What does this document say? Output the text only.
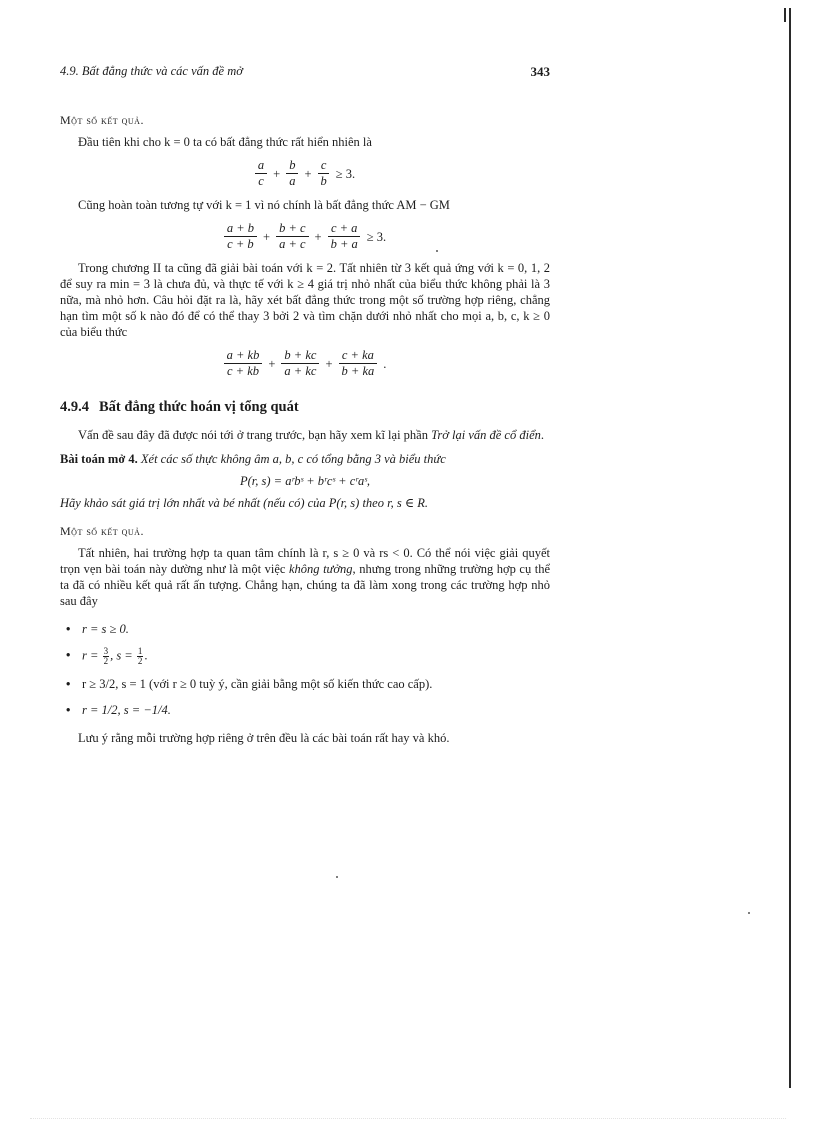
4.9. Bất đẳng thức và các vấn đề mở	343
Một số kết quả.

Đầu tiên khi cho k = 0 ta có bất đẳng thức rất hiển nhiên là

$\frac{a}{c} + \frac{b}{a} + \frac{c}{b} \ge 3$.

Cũng hoàn toàn tương tự với k = 1 vì nó chính là bất đẳng thức AM − GM

$\frac{a + b}{c + b} + \frac{b + c}{a + c} + \frac{c + a}{b + a} \ge 3$.

Trong chương II ta cũng đã giải bài toán với k = 2. Tất nhiên từ 3 kết quả ứng với k = 0, 1, 2 để suy ra min = 3 là chưa đủ, và thực tế với k ≥ 4 giá trị nhỏ nhất của biểu thức không phải là 3 nữa, mà nhỏ hơn. Câu hỏi đặt ra là, hãy xét bất đẳng thức trong một số trường hợp riêng, chẳng hạn tìm một số k nào đó để có thể thay 3 bởi 2 và tìm chặn dưới nhỏ nhất cho mọi a, b, c, k ≥ 0 của biểu thức

$\frac{a + kb}{c + kb} + \frac{b + kc}{a + kc} + \frac{c + ka}{b + ka}$ .
4.9.4 Bất đẳng thức hoán vị tổng quát

Vấn đề sau đây đã được nói tới ở trang trước, bạn hãy xem kĩ lại phần Trở lại vấn đề cổ điển.

Bài toán mở 4. Xét các số thực không âm a, b, c có tổng bằng 3 và biểu thức

P(r, s) = aʳbˢ + bʳcˢ + cʳaˢ,

Hãy khảo sát giá trị lớn nhất và bé nhất (nếu có) của P(r, s) theo r, s ∈ R.

Một số kết quả.

Tất nhiên, hai trường hợp ta quan tâm chính là r, s ≥ 0 và rs < 0. Có thể nói việc giải quyết trọn vẹn bài toán này dường như là một việc không tưởng, nhưng trong những trường hợp cụ thể ta đã có nhiều kết quả rất ấn tượng. Chẳng hạn, chúng ta đã làm xong trong các trường hợp nhỏ sau đây

• r = s ≥ 0.
• $r = \frac{3}{2}$ , $s = \frac{1}{2}$ .
• r ≥ 3/2, s = 1 (với r ≥ 0 tuỳ ý, cần giải bằng một số kiến thức cao cấp).
• r = 1/2, s = −1/4.

Lưu ý rằng mỗi trường hợp riêng ở trên đều là các bài toán rất hay và khó.
